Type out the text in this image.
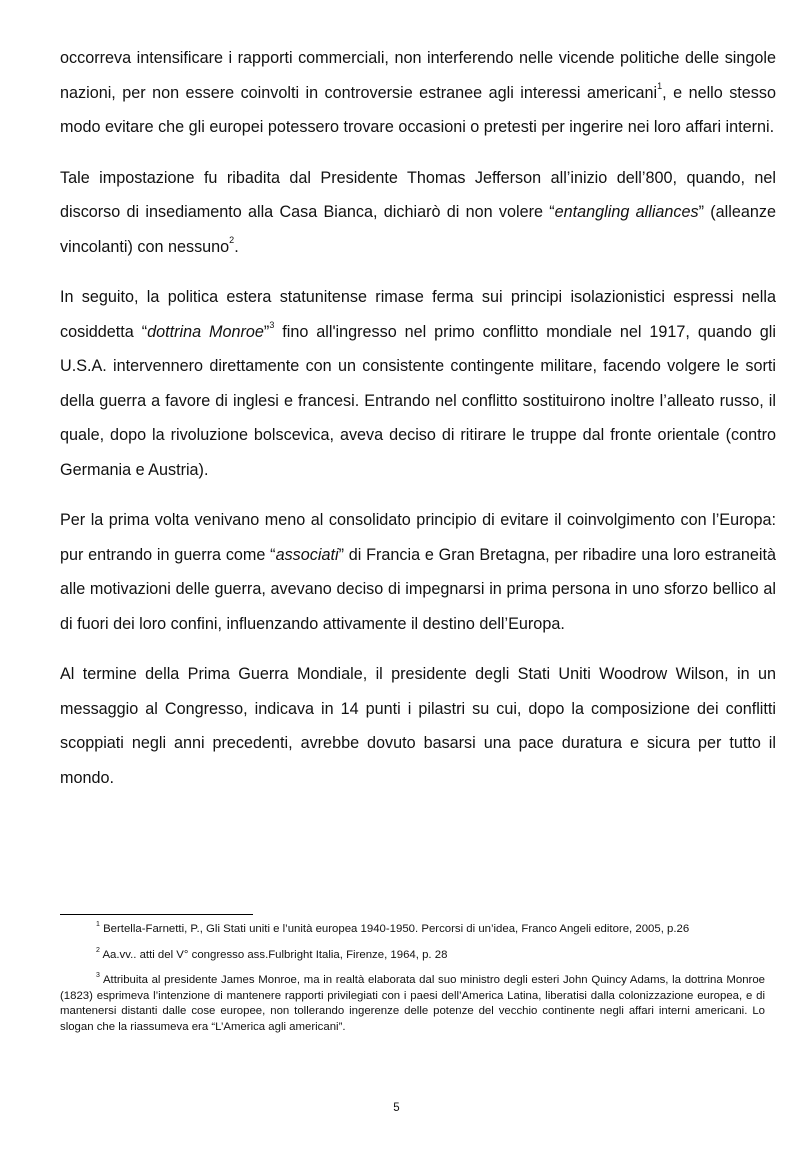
occorreva intensificare i rapporti commerciali, non interferendo nelle vicende politiche delle singole nazioni, per non essere coinvolti in controversie estranee agli interessi americani$^1$, e nello stesso modo evitare che gli europei potessero trovare occasioni o pretesti per ingerire nei loro affari interni.

Tale impostazione fu ribadita dal Presidente Thomas Jefferson all’inizio dell’800, quando, nel discorso di insediamento alla Casa Bianca, dichiarò di non volere “entangling alliances” (alleanze vincolanti) con nessuno$^2$.

In seguito, la politica estera statunitense rimase ferma sui principi isolazionistici espressi nella cosiddetta “dottrina Monroe”$^3$ fino all'ingresso nel primo conflitto mondiale nel 1917, quando gli U.S.A. intervennero direttamente con un consistente contingente militare, facendo volgere le sorti della guerra a favore di inglesi e francesi. Entrando nel conflitto sostituirono inoltre l’alleato russo, il quale, dopo la rivoluzione bolscevica, aveva deciso di ritirare le truppe dal fronte orientale (contro Germania e Austria).

Per la prima volta venivano meno al consolidato principio di evitare il coinvolgimento con l’Europa: pur entrando in guerra come “associati” di Francia e Gran Bretagna, per ribadire una loro estraneità alle motivazioni delle guerra, avevano deciso di impegnarsi in prima persona in uno sforzo bellico al di fuori dei loro confini, influenzando attivamente il destino dell’Europa.

Al termine della Prima Guerra Mondiale, il presidente degli Stati Uniti Woodrow Wilson, in un messaggio al Congresso, indicava in 14 punti i pilastri su cui, dopo la composizione dei conflitti scoppiati negli anni precedenti, avrebbe dovuto basarsi una pace duratura e sicura per tutto il mondo.

$^1$ Bertella-Farnetti, P., Gli Stati uniti e l’unità europea 1940-1950. Percorsi di un’idea, Franco Angeli editore, 2005, p.26

$^2$ Aa.vv.. atti del V° congresso ass.Fulbright Italia, Firenze, 1964, p. 28

$^3$ Attribuita al presidente James Monroe, ma in realtà elaborata dal suo ministro degli esteri John Quincy Adams, la dottrina Monroe (1823) esprimeva l’intenzione di mantenere rapporti privilegiati con i paesi dell’America Latina, liberatisi dalla colonizzazione europea, e di mantenersi distanti dalle cose europee, non tollerando ingerenze delle potenze del vecchio continente negli affari interni americani. Lo slogan che la riassumeva era “L’America agli americani”.

5
